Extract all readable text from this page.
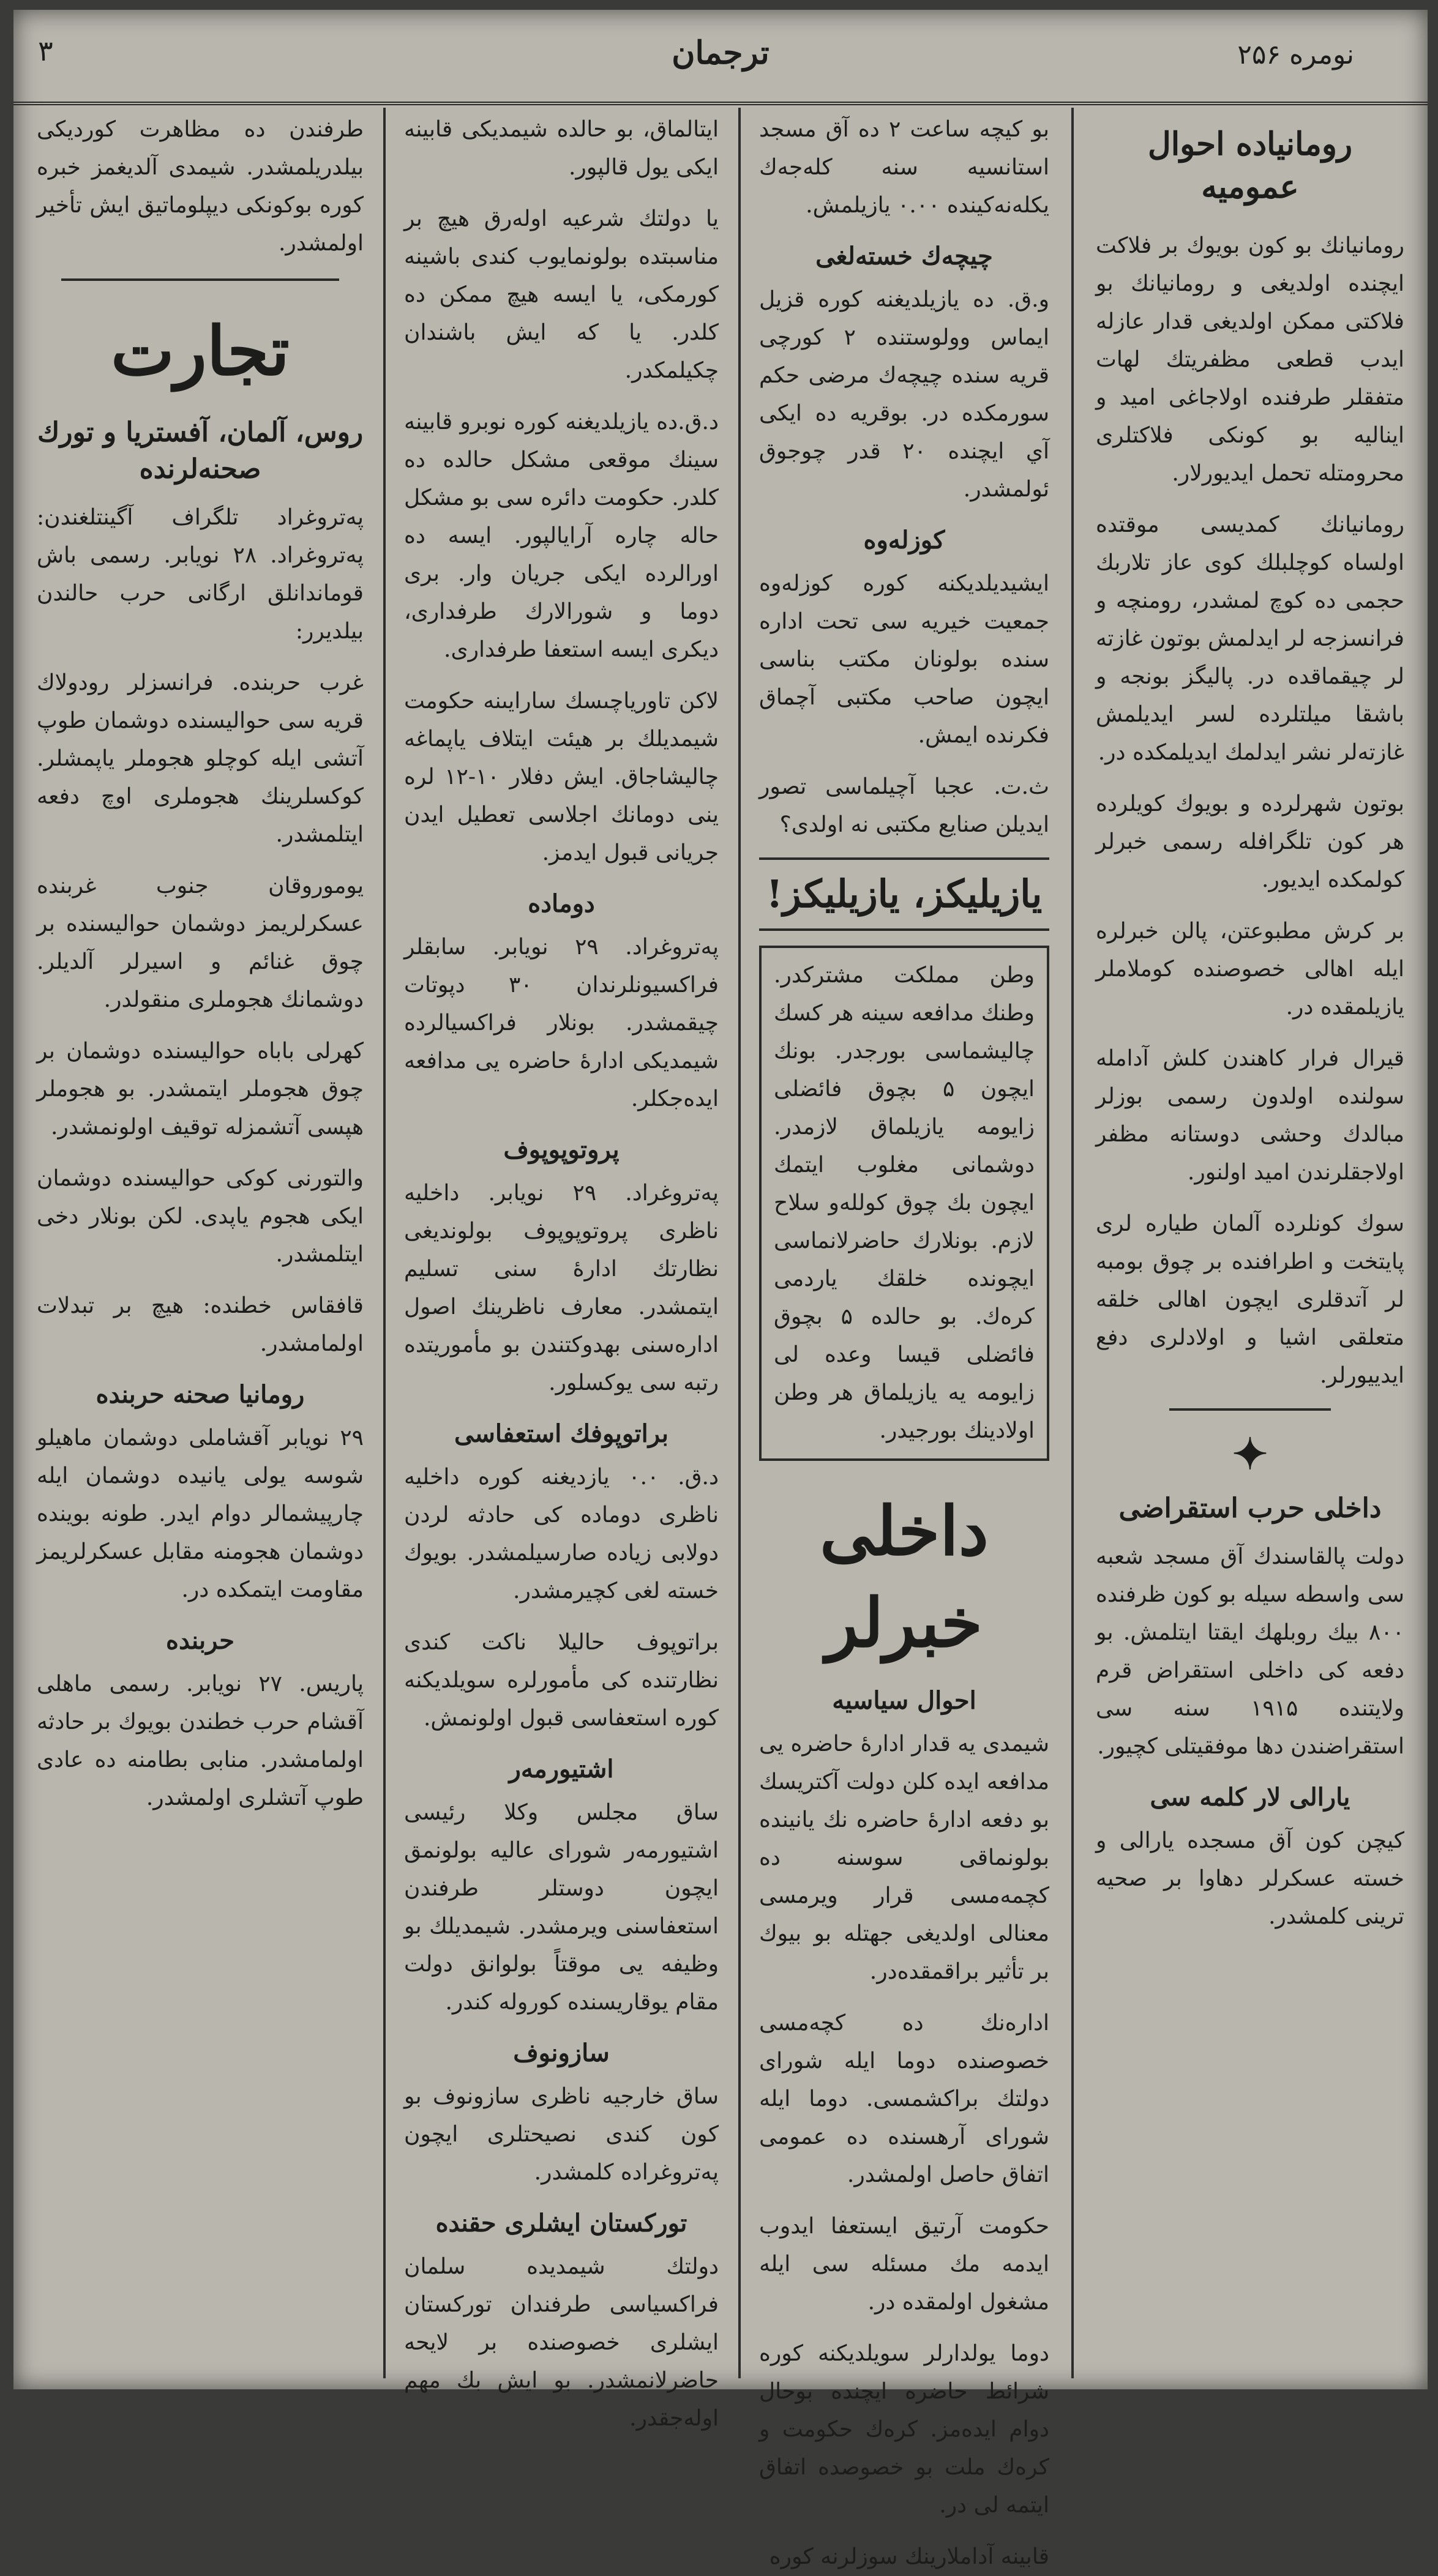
نومره ۲۵۶
ترجمان
۳
رومانياده احوال عموميه

رومانيانك بو كون بويوك بر فلاكت ايچنده اولديغى و رومانيانك بو فلاكتى ممكن اولديغى قدار عازله ايدب قطعى مظفريتك لهات متفقلر طرفنده اولاجاغى اميد و ايناليه بو كونكى فلاكتلرى محرومتله تحمل ايديورلار.

رومانيانك كمديسى موقتده اولساه كوچلبلك كوى عاز تلاربك حجمى ده كوچ لمشدر، رومنچه و فرانسزجه لر ايدلمش بوتون غازته لر چيقماقده در. پاليگز بونجه و باشقا ميلتلرده لسر ايديلمش غازتەلر نشر ايدلمك ايديلمكده در.

بوتون شهرلرده و بويوك كويلرده هر كون تلگرافله رسمى خبرلر كولمكده ايديور.

بر كرش مطبوعتن، پالن خبرلره ايله اهالى خصوصنده كوملاملر يازيلمقده در.

قيرال فرار كاهندن كلش آدامله سولنده اولدون رسمى بوزلر مبالدك وحشى دوستانه مظفر اولاجقلرندن اميد اولنور.

سوك كونلرده آلمان طياره لرى پايتخت و اطرافنده بر چوق بومبه لر آتدقلرى ايچون اهالى خلقه متعلقى اشيا و اولادلرى دفع ايدييورلر.

✦
داخلى حرب استقراضى

دولت پالقاسندك آق مسجد شعبه سى واسطه سيله بو كون ظرفنده ۸۰۰ بيك روبلهك ايقتا ايتلمش. بو دفعه كى داخلى استقراض قرم ولايتنده ۱۹۱۵ سنه سى استقراضندن دها موفقيتلى كچيور.

يارالى لار كلمه سى

كيچن كون آق مسجده يارالى و خسته عسكرلر دهاوا بر صحيه ترينى كلمشدر.

بو كيچه ساعت ۲ ده آق مسجد استانسيه سنه كلەجەك يكلەنەكينده ۰.۰۰ يازيلمش.

چيچەك خستەلغى

و.ق. ده يازيلديغنه كوره قزيل ايماس وولوستنده ۲ كورچى قريه سنده چيچەك مرضى حكم سورمكده در. بوقريه ده ايكى آي ايچنده ۲۰ قدر چوجوق ئولمشدر.

كوزلەوە

ايشيديلديكنه كوره كوزلەوه جمعيت خيريه سى تحت اداره سنده بولونان مكتب بناسى ايچون صاحب مكتبى آچماق فكرنده ايمش.

ث.ت. عجبا آچيلماسى تصور ايديلن صنايع مكتبى نه اولدى؟

يازيليكز، يازيليكز!
وطن مملكت مشتركدر. وطنك مدافعه سينه هر كسك چاليشماسى بورجدر. بونك ايچون ۵ بچوق فائضلى زايومه يازيلماق لازمدر. دوشمانى مغلوب ايتمك ايچون بك چوق كوللەو سلاح لازم. بونلارك حاضرلانماسى ايچونده خلقك ياردمى كرەك. بو حالده ۵ بچوق فائضلى قيسا وعده لى زايومه يه يازيلماق هر وطن اولادينك بورجيدر.
داخلى خبرلر
احوال سياسيه

شيمدى يه قدار ادارهٔ حاضره يى مدافعه ايده كلن دولت آكتريسك بو دفعه ادارهٔ حاضره نك يانينده بولونماقى سوسنه ده كچمەمسى قرار ويرمسى معنالى اولديغى جهتله بو بيوك بر تأثير براقمقدەدر.

ادارەنك ده كچەمسى خصوصنده دوما ايله شوراى دولتك براكشمسى. دوما ايله شوراى آرهسنده ده عمومى اتفاق حاصل اولمشدر.

حكومت آرتيق ايستعفا ايدوب ايدمه مك مسئله سى ايله مشغول اولمقده در.

دوما يولدارلر سويلديكنه كوره شرائط حاضره ايچنده بوحال دوام ايدەمز. كرەك حكومت و كرەك ملت بو خصوصده اتفاق ايتمه لى در.

قابينه آداملارينك سوزلرنه كوره

ايتالماق، بو حالده شيمديكى قابينه ايكى يول قالپور.

يا دولتك شرعيه اولەرق هيچ بر مناسبتده بولونمايوب كندى باشينه كورمكى، يا ايسه هيچ ممكن ده كلدر. يا كه ايش باشندان چكيلمكدر.

د.ق.ده يازيلديغنه كوره نوبرو قابينه سينك موقعى مشكل حالده ده كلدر. حكومت دائره سى بو مشكل حاله چاره آرايالپور. ايسه ده اورالرده ايكى جريان وار. برى دوما و شورالارك طرفدارى، ديكرى ايسه استعفا طرفدارى.

لاكن تاورياچىسك سارايىنه حكومت شيمديلك بر هيئت ايتلاف ياپماغه چاليشاجاق. ايش دفلار ۱۰-۱۲ لره ينى دومانك اجلاسى تعطيل ايدن جريانى قبول ايدمز.

دوماده

پەتروغراد. ۲۹ نويابر. سابقلر فراكسيونلرندان ۳۰ دپوتات چيقمشدر. بونلار فراكسيالرده شيمديكى ادارهٔ حاضره يى مدافعه ايدەجكلر.

پروتوپوپوف

پەتروغراد. ۲۹ نويابر. داخليه ناظرى پروتوپوپوف بولونديغى نظارتك ادارهٔ سنى تسليم ايتمشدر. معارف ناظرينك اصول ادارەسنى بهدوكتندن بو مأموريتده رتبه سى يوكسلور.

براتوپوفك استعفاسى

د.ق. ۰.۰ يازديغنه كوره داخليه ناظرى دوماده كى حادثه لردن دولابى زياده صارسيلمشدر. بويوك خسته لغى كچيرمشدر.

براتوپوف حاليلا ناكت كندى نظارتنده كى مأمورلره سويلديكنه كوره استعفاسى قبول اولونمش.

اشتيورمەر

ساق مجلس وكلا رئيسى اشتيورمەر شوراى عاليه بولونمق ايچون دوستلر طرفندن استعفاسنى ويرمشدر. شيمديلك بو وظيفه يى موقتاً بولوانق دولت مقام يوقاريسنده كوروله كندر.

سازونوف

ساق خارجيه ناظرى سازونوف بو كون كندى نصيحتلرى ايچون پەتروغراده كلمشدر.

توركستان ايشلرى حقنده

دولتك شيمديده سلمان فراكسياسى طرفندان توركستان ايشلرى خصوصنده بر لايحه حاضرلانمشدر. بو ايش بك مهم اولەجقدر.

طرفندن ده مظاهرت كورديكى بيلدريلمشدر. شيمدى آلديغمز خبره كوره بوكونكى ديپلوماتيق ايش تأخير اولمشدر.

تجارت
روس، آلمان، آفستريا و تورك صحنەلرنده

پەتروغراد تلگراف آگينتلغندن: پەتروغراد. ۲۸ نويابر. رسمى باش قوماندانلق ارگانى حرب حالندن بيلديرر:

غرب حربنده. فرانسزلر رودولاك قريه سى حواليسنده دوشمان طوپ آتشى ايله كوچلو هجوملر ياپمشلر. كوكسلرينك هجوملرى اوچ دفعه ايتلمشدر.

يوموروقان جنوب غربنده عسكرلريمز دوشمان حواليسنده بر چوق غنائم و اسيرلر آلديلر. دوشمانك هجوملرى منقولدر.

كهرلى باباه حواليسنده دوشمان بر چوق هجوملر ايتمشدر. بو هجوملر هپسى آتشمزله توقيف اولونمشدر.

والتورنى كوكى حواليسنده دوشمان ايکى هجوم ياپدى. لكن بونلار دخى ايتلمشدر.

قافقاس خطنده: هيچ بر تبدلات اولمامشدر.

رومانيا صحنه حربنده

۲۹ نويابر آقشاملى دوشمان ماهيلو شوسه يولى يانيده دوشمان ايله چارپيشمالر دوام ايدر. طونه بوينده دوشمان هجومنه مقابل عسكرلريمز مقاومت ايتمكده در.

حربنده

پاريس. ۲۷ نويابر. رسمى ماهلى آقشام حرب خطندن بويوك بر حادثه اولمامشدر. منابى بطامنه ده عادى طوپ آتشلرى اولمشدر.
